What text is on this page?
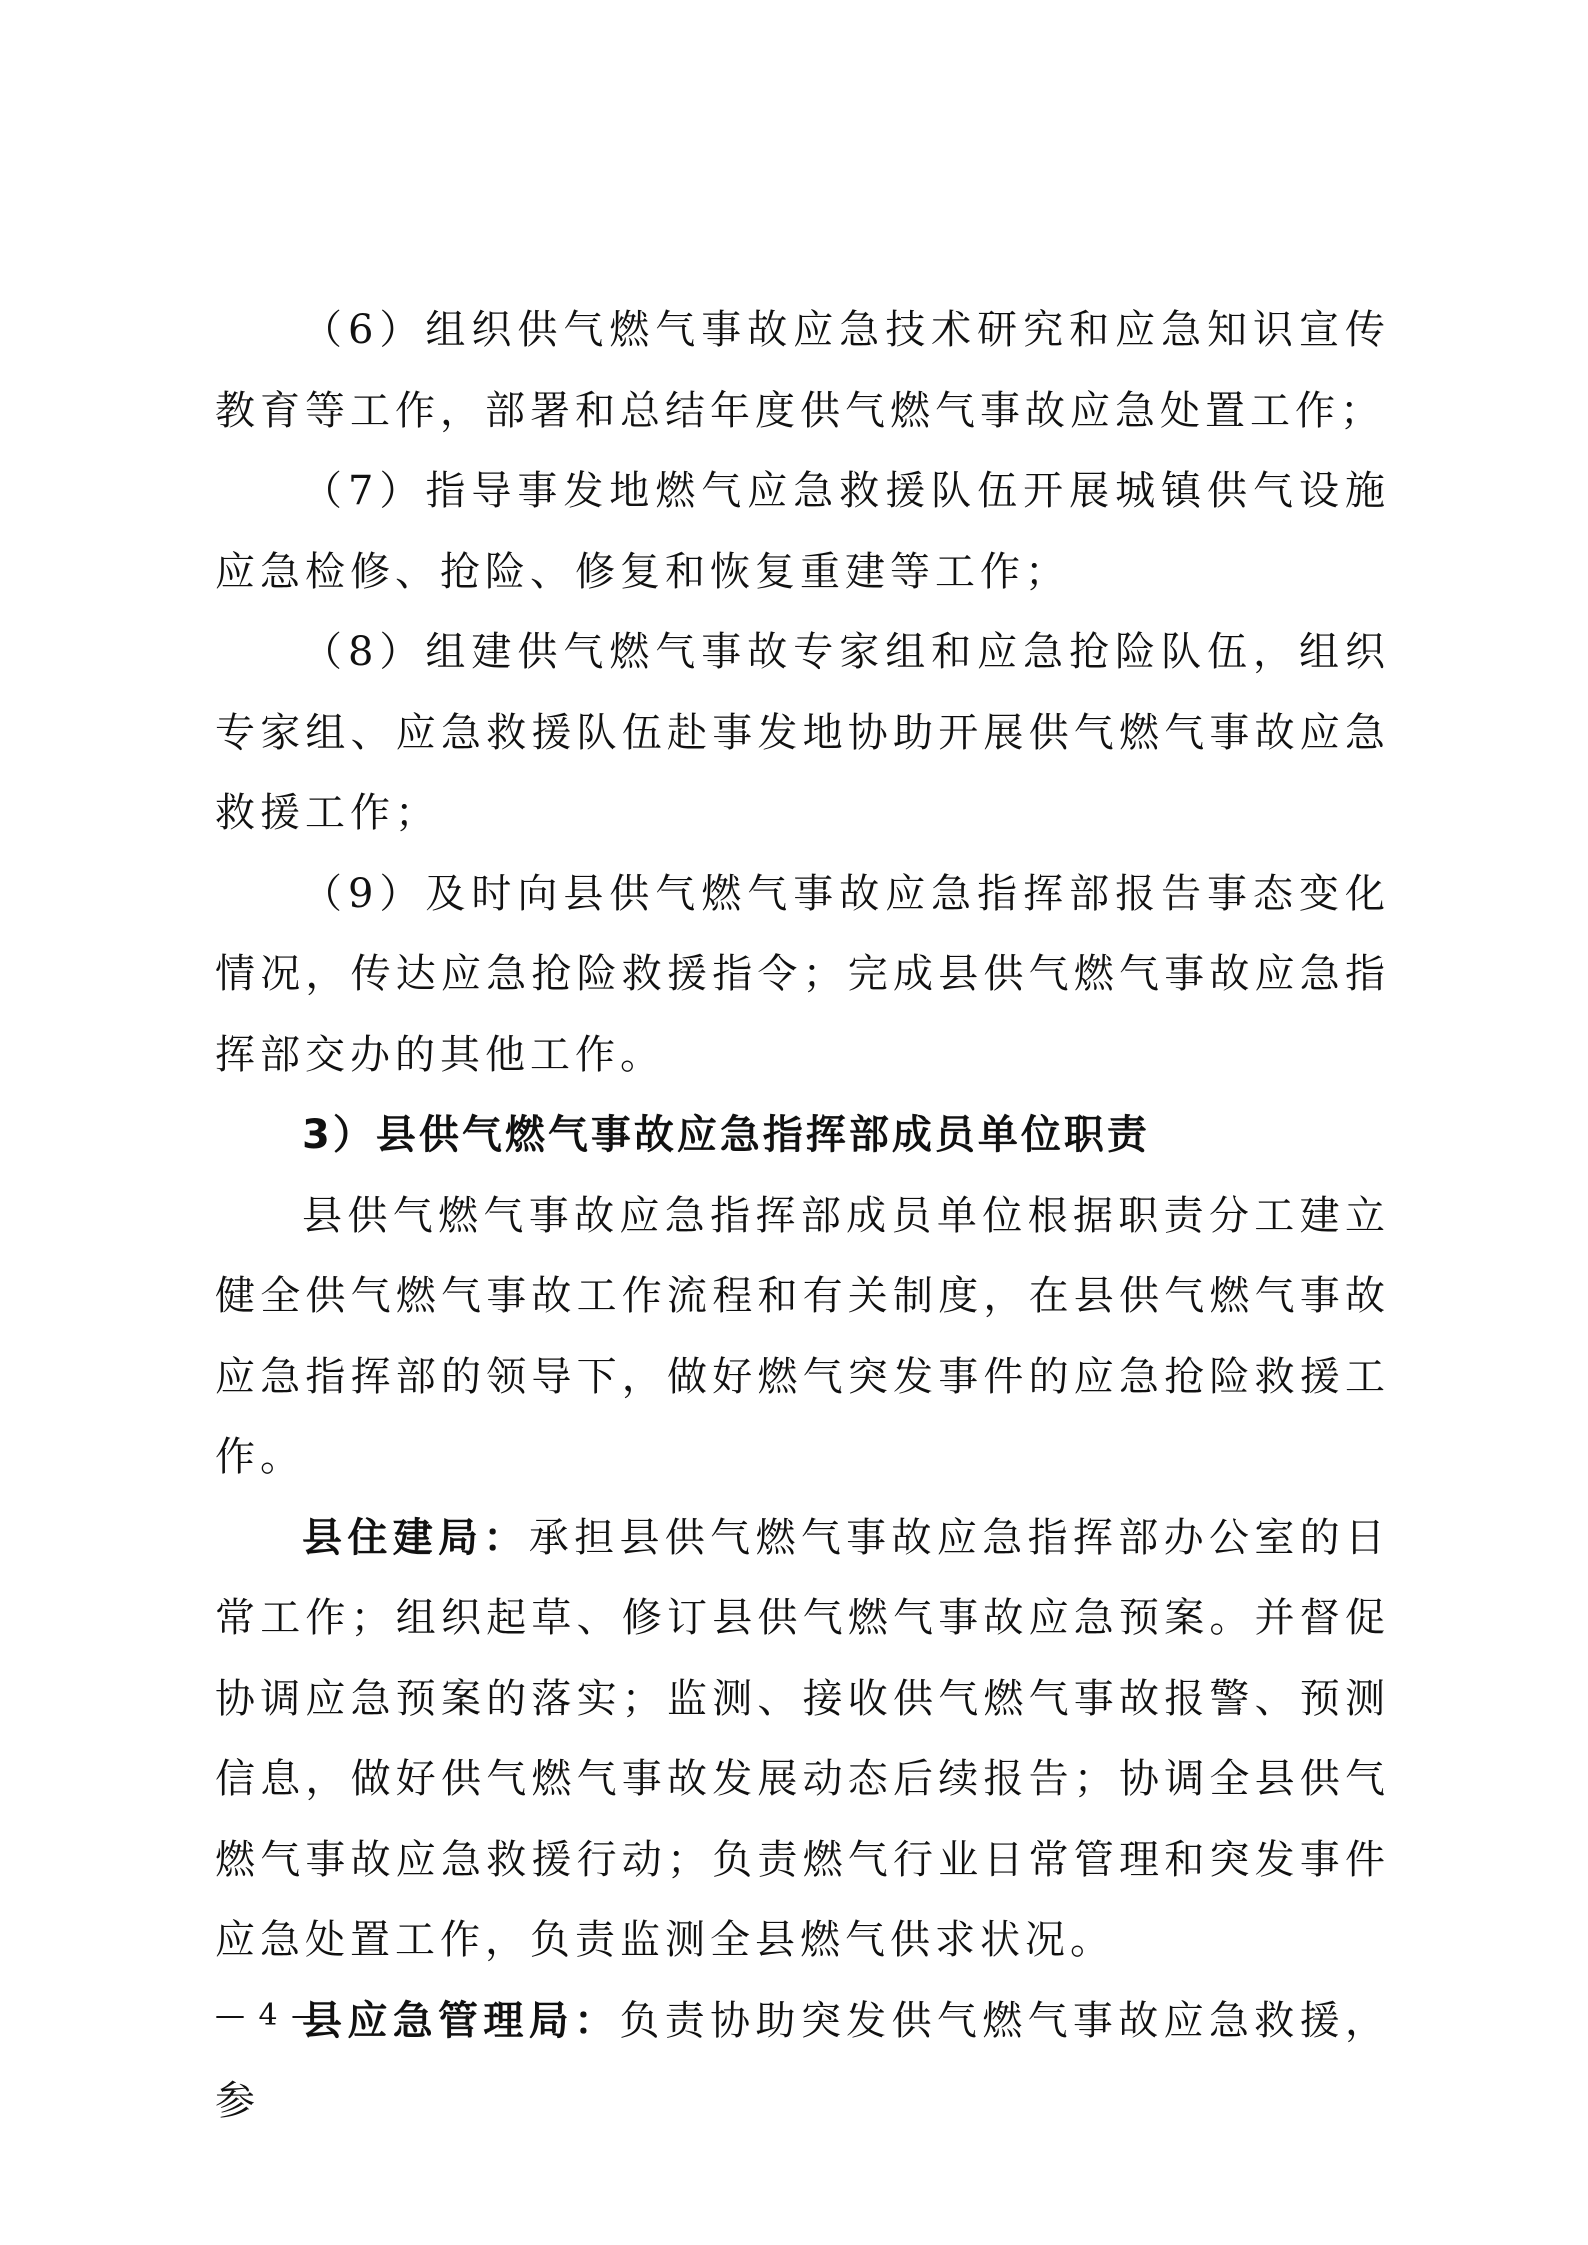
（6）组织供气燃气事故应急技术研究和应急知识宣传教育等工作，部署和总结年度供气燃气事故应急处置工作；

（7）指导事发地燃气应急救援队伍开展城镇供气设施应急检修、抢险、修复和恢复重建等工作；

（8）组建供气燃气事故专家组和应急抢险队伍，组织专家组、应急救援队伍赴事发地协助开展供气燃气事故应急救援工作；

（9）及时向县供气燃气事故应急指挥部报告事态变化情况，传达应急抢险救援指令；完成县供气燃气事故应急指挥部交办的其他工作。

3）县供气燃气事故应急指挥部成员单位职责

县供气燃气事故应急指挥部成员单位根据职责分工建立健全供气燃气事故工作流程和有关制度，在县供气燃气事故应急指挥部的领导下，做好燃气突发事件的应急抢险救援工作。

县住建局：承担县供气燃气事故应急指挥部办公室的日常工作；组织起草、修订县供气燃气事故应急预案。并督促协调应急预案的落实；监测、接收供气燃气事故报警、预测信息，做好供气燃气事故发展动态后续报告；协调全县供气燃气事故应急救援行动；负责燃气行业日常管理和突发事件应急处置工作，负责监测全县燃气供求状况。

县应急管理局：负责协助突发供气燃气事故应急救援，参

— 4 —
